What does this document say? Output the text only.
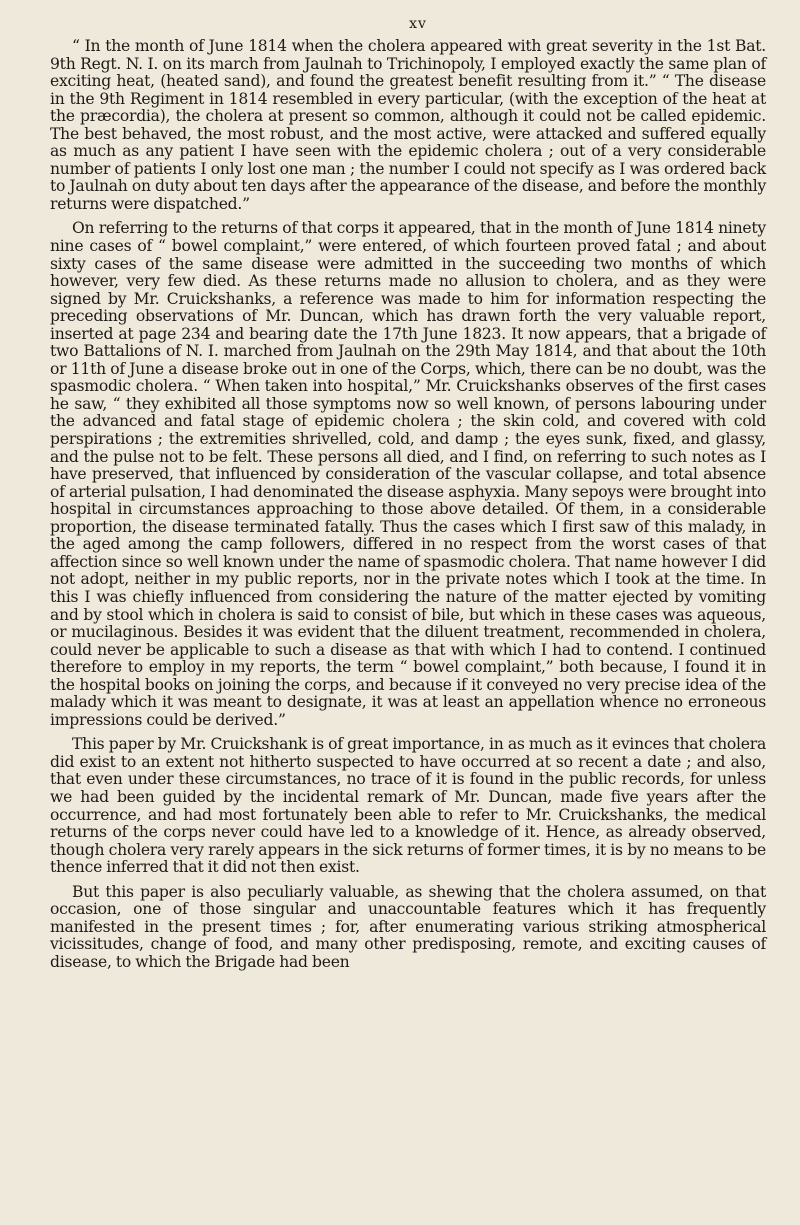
xv

“ In the month of June 1814 when the cholera appeared with great severity in the 1st Bat. 9th Regt. N. I. on its march from Jaulnah to Trichinopoly, I employed exactly the same plan of exciting heat, (heated sand), and found the greatest benefit resulting from it.” “ The disease in the 9th Regiment in 1814 resembled in every particular, (with the exception of the heat at the præcordia), the cholera at present so common, although it could not be called epidemic. The best behaved, the most robust, and the most active, were attacked and suffered equally as much as any patient I have seen with the epidemic cholera ; out of a very considerable number of patients I only lost one man ; the number I could not specify as I was ordered back to Jaulnah on duty about ten days after the appearance of the disease, and before the monthly returns were dispatched.”

On referring to the returns of that corps it appeared, that in the month of June 1814 ninety nine cases of “ bowel complaint,” were entered, of which fourteen proved fatal ; and about sixty cases of the same disease were admitted in the succeeding two months of which however, very few died. As these returns made no allusion to cholera, and as they were signed by Mr. Cruickshanks, a reference was made to him for information respecting the preceding observations of Mr. Duncan, which has drawn forth the very valuable report, inserted at page 234 and bearing date the 17th June 1823. It now appears, that a brigade of two Battalions of N. I. marched from Jaulnah on the 29th May 1814, and that about the 10th or 11th of June a disease broke out in one of the Corps, which, there can be no doubt, was the spasmodic cholera. “ When taken into hospital,” Mr. Cruickshanks observes of the first cases he saw, “ they exhibited all those symptoms now so well known, of persons labouring under the advanced and fatal stage of epidemic cholera ; the skin cold, and covered with cold perspirations ; the extremities shrivelled, cold, and damp ; the eyes sunk, fixed, and glassy, and the pulse not to be felt. These persons all died, and I find, on referring to such notes as I have preserved, that influenced by consideration of the vascular collapse, and total absence of arterial pulsation, I had denominated the disease asphyxia. Many sepoys were brought into hospital in circumstances approaching to those above detailed. Of them, in a considerable proportion, the disease terminated fatally. Thus the cases which I first saw of this malady, in the aged among the camp followers, differed in no respect from the worst cases of that affection since so well known under the name of spasmodic cholera. That name however I did not adopt, neither in my public reports, nor in the private notes which I took at the time. In this I was chiefly influenced from considering the nature of the matter ejected by vomiting and by stool which in cholera is said to consist of bile, but which in these cases was aqueous, or mucilaginous. Besides it was evident that the diluent treatment, recommended in cholera, could never be applicable to such a disease as that with which I had to contend. I continued therefore to employ in my reports, the term “ bowel complaint,” both because, I found it in the hospital books on joining the corps, and because if it conveyed no very precise idea of the malady which it was meant to designate, it was at least an appellation whence no erroneous impressions could be derived.”

This paper by Mr. Cruickshank is of great importance, in as much as it evinces that cholera did exist to an extent not hitherto suspected to have occurred at so recent a date ; and also, that even under these circumstances, no trace of it is found in the public records, for unless we had been guided by the incidental remark of Mr. Duncan, made five years after the occurrence, and had most fortunately been able to refer to Mr. Cruickshanks, the medical returns of the corps never could have led to a knowledge of it. Hence, as already observed, though cholera very rarely appears in the sick returns of former times, it is by no means to be thence inferred that it did not then exist.

But this paper is also peculiarly valuable, as shewing that the cholera assumed, on that occasion, one of those singular and unaccountable features which it has frequently manifested in the present times ; for, after enumerating various striking atmospherical vicissitudes, change of food, and many other predisposing, remote, and exciting causes of disease, to which the Brigade had been
